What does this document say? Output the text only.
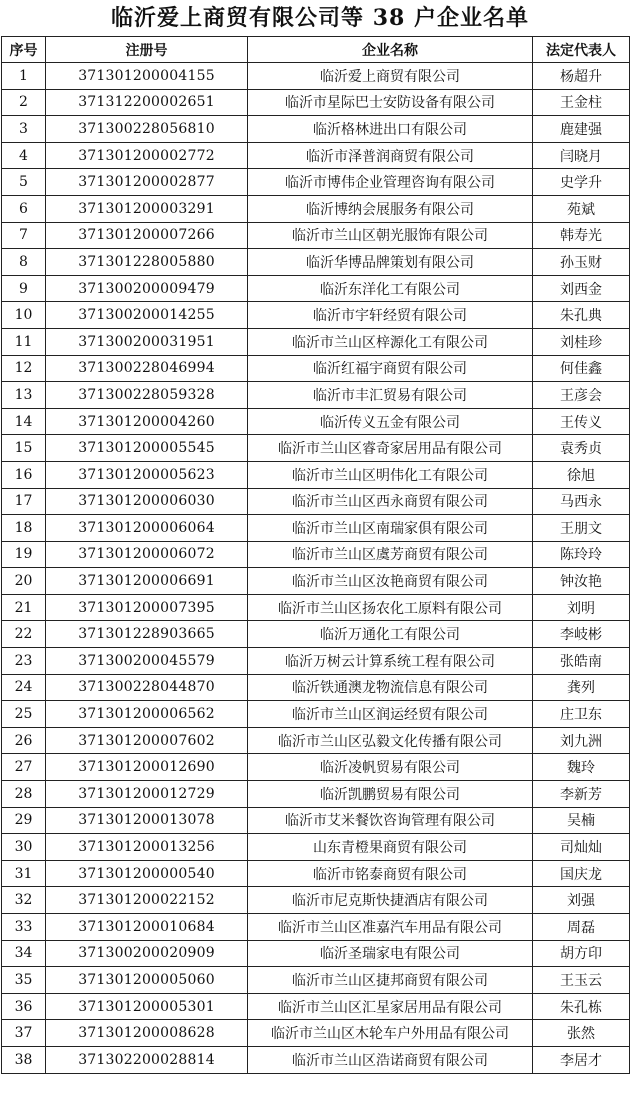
临沂爱上商贸有限公司等 38 户企业名单
序号	注册号	企业名称	法定代表人
1	371301200004155	临沂爱上商贸有限公司	杨超升
2	371312200002651	临沂市星际巴士安防设备有限公司	王金柱
3	371300228056810	临沂格林进出口有限公司	鹿建强
4	371301200002772	临沂市泽普润商贸有限公司	闫晓月
5	371301200002877	临沂市博伟企业管理咨询有限公司	史学升
6	371301200003291	临沂博纳会展服务有限公司	苑斌
7	371301200007266	临沂市兰山区朝光服饰有限公司	韩寿光
8	371301228005880	临沂华博品牌策划有限公司	孙玉财
9	371300200009479	临沂东洋化工有限公司	刘西金
10	371300200014255	临沂市宇轩经贸有限公司	朱孔典
11	371300200031951	临沂市兰山区梓源化工有限公司	刘桂珍
12	371300228046994	临沂红福宇商贸有限公司	何佳鑫
13	371300228059328	临沂市丰汇贸易有限公司	王彦会
14	371301200004260	临沂传义五金有限公司	王传义
15	371301200005545	临沂市兰山区睿奇家居用品有限公司	袁秀贞
16	371301200005623	临沂市兰山区明伟化工有限公司	徐旭
17	371301200006030	临沂市兰山区西永商贸有限公司	马西永
18	371301200006064	临沂市兰山区南瑞家俱有限公司	王朋文
19	371301200006072	临沂市兰山区虞芳商贸有限公司	陈玲玲
20	371301200006691	临沂市兰山区汝艳商贸有限公司	钟汝艳
21	371301200007395	临沂市兰山区扬农化工原料有限公司	刘明
22	371301228903665	临沂万通化工有限公司	李岐彬
23	371300200045579	临沂万树云计算系统工程有限公司	张皓南
24	371300228044870	临沂铁通澳龙物流信息有限公司	龚列
25	371301200006562	临沂市兰山区润运经贸有限公司	庄卫东
26	371301200007602	临沂市兰山区弘毅文化传播有限公司	刘九洲
27	371301200012690	临沂凌帆贸易有限公司	魏玲
28	371301200012729	临沂凯鹏贸易有限公司	李新芳
29	371301200013078	临沂市艾米餐饮咨询管理有限公司	吴楠
30	371301200013256	山东青橙果商贸有限公司	司灿灿
31	371301200000540	临沂市铭泰商贸有限公司	国庆龙
32	371301200022152	临沂市尼克斯快捷酒店有限公司	刘强
33	371301200010684	临沂市兰山区准嘉汽车用品有限公司	周磊
34	371300200020909	临沂圣瑞家电有限公司	胡方印
35	371301200005060	临沂市兰山区捷邦商贸有限公司	王玉云
36	371301200005301	临沂市兰山区汇星家居用品有限公司	朱孔栋
37	371301200008628	临沂市兰山区木轮车户外用品有限公司	张然
38	371302200028814	临沂市兰山区浩诺商贸有限公司	李居才
